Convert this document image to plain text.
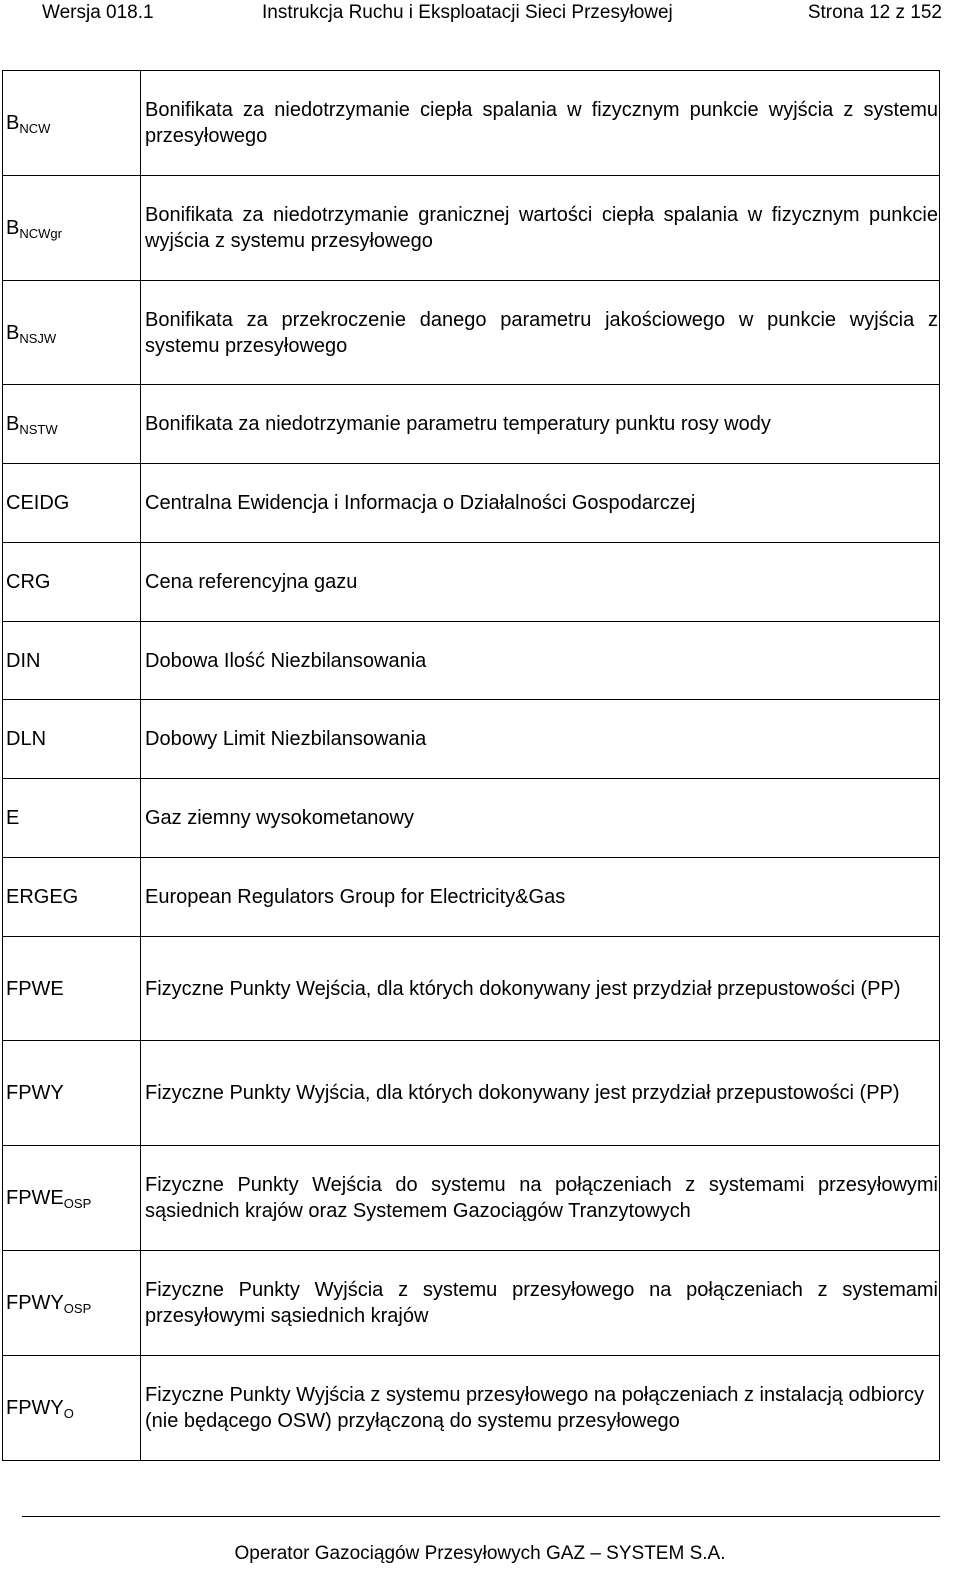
Wersja 018.1	Instrukcja Ruchu i Eksploatacji Sieci Przesyłowej	Strona 12 z 152
$B_{NCW}$	Bonifikata za niedotrzymanie ciepła spalania w fizycznym punkcie wyjścia z systemu przesyłowego
$B_{NCWgr}$	Bonifikata za niedotrzymanie granicznej wartości ciepła spalania w fizycznym punkcie wyjścia z systemu przesyłowego
$B_{NSJW}$	Bonifikata za przekroczenie danego parametru jakościowego w punkcie wyjścia z systemu przesyłowego
$B_{NSTW}$	Bonifikata za niedotrzymanie parametru temperatury punktu rosy wody
CEIDG	Centralna Ewidencja i Informacja o Działalności Gospodarczej
CRG	Cena referencyjna gazu
DIN	Dobowa Ilość Niezbilansowania
DLN	Dobowy Limit Niezbilansowania
E	Gaz ziemny wysokometanowy
ERGEG	European Regulators Group for Electricity&Gas
FPWE	Fizyczne Punkty Wejścia, dla których dokonywany jest przydział przepustowości (PP)
FPWY	Fizyczne Punkty Wyjścia, dla których dokonywany jest przydział przepustowości (PP)
$FPWE_{OSP}$	Fizyczne Punkty Wejścia do systemu na połączeniach z systemami przesyłowymi sąsiednich krajów oraz Systemem Gazociągów Tranzytowych
$FPWY_{OSP}$	Fizyczne Punkty Wyjścia z systemu przesyłowego na połączeniach z systemami przesyłowymi sąsiednich krajów
$FPWY_O$	Fizyczne Punkty Wyjścia z systemu przesyłowego na połączeniach z instalacją odbiorcy (nie będącego OSW) przyłączoną do systemu przesyłowego
Operator Gazociągów Przesyłowych GAZ – SYSTEM S.A.
